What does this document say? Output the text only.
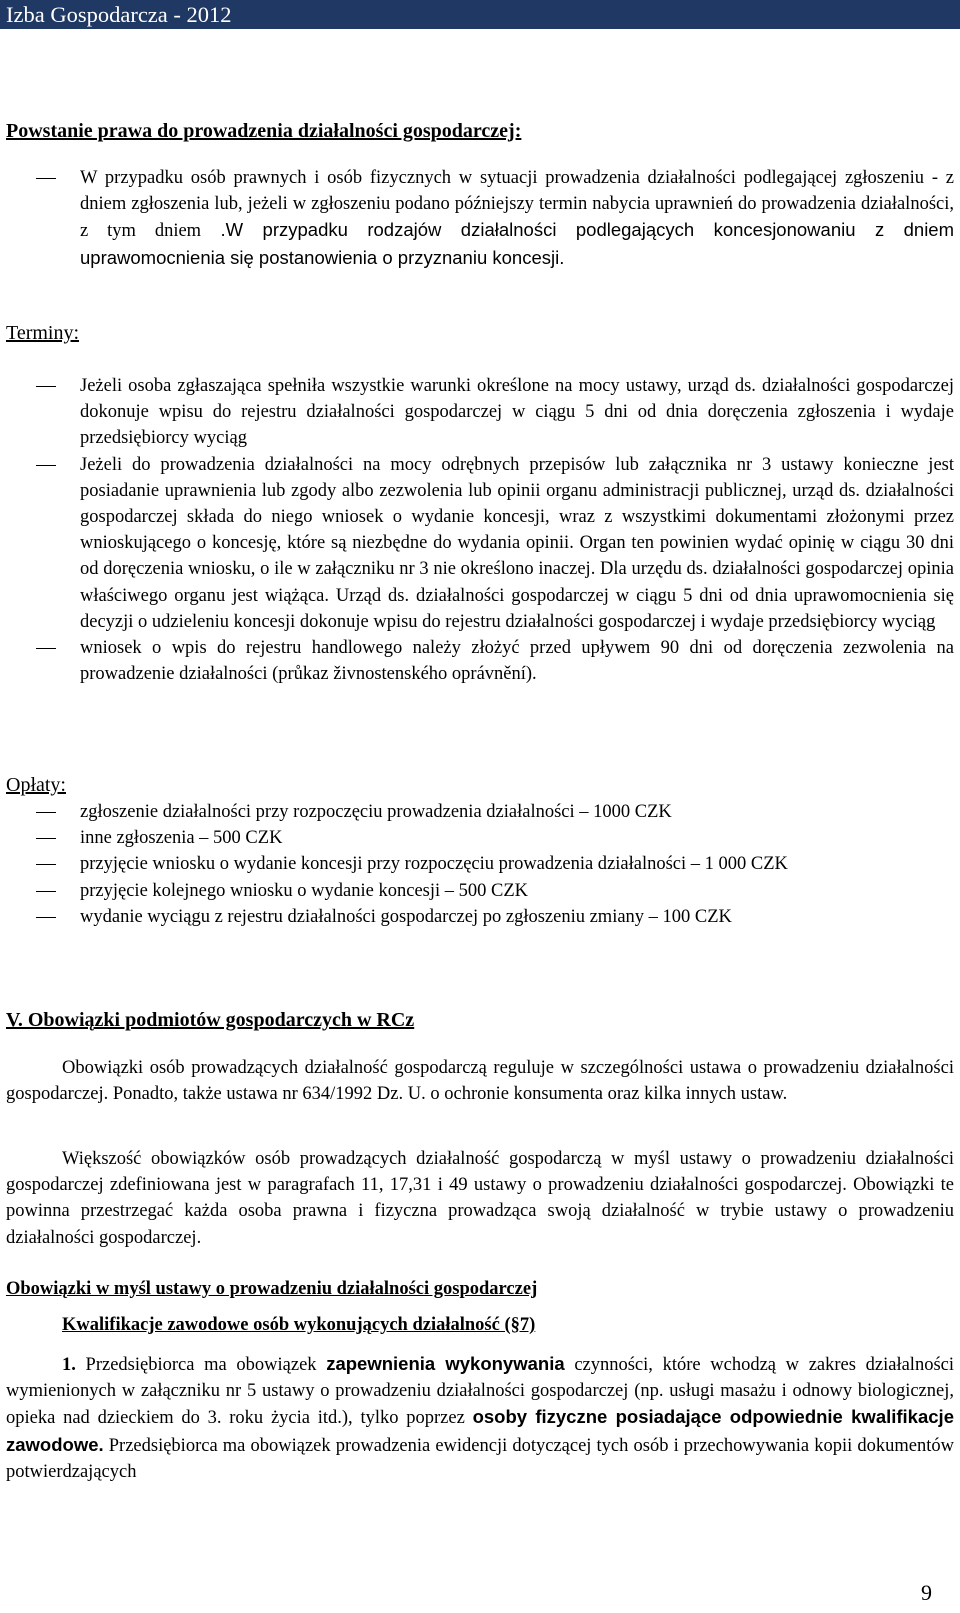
Izba Gospodarcza - 2012
Powstanie prawa do prowadzenia działalności gospodarczej:
W przypadku osób prawnych i osób fizycznych w sytuacji prowadzenia działalności podlegającej zgłoszeniu - z dniem zgłoszenia lub, jeżeli w zgłoszeniu podano późniejszy termin nabycia uprawnień do prowadzenia działalności, z tym dniem .W przypadku rodzajów działalności podlegających koncesjonowaniu z dniem uprawomocnienia się postanowienia o przyznaniu koncesji.
Terminy:
Jeżeli osoba zgłaszająca spełniła wszystkie warunki określone na mocy ustawy, urząd ds. działalności gospodarczej dokonuje wpisu do rejestru działalności gospodarczej w ciągu 5 dni od dnia doręczenia zgłoszenia i wydaje przedsiębiorcy wyciąg
Jeżeli do prowadzenia działalności na mocy odrębnych przepisów lub załącznika nr 3 ustawy konieczne jest posiadanie uprawnienia lub zgody albo zezwolenia lub opinii organu administracji publicznej, urząd ds. działalności gospodarczej składa do niego wniosek o wydanie koncesji, wraz z wszystkimi dokumentami złożonymi przez wnioskującego o koncesję, które są niezbędne do wydania opinii. Organ ten powinien wydać opinię w ciągu 30 dni od doręczenia wniosku, o ile w załączniku nr 3 nie określono inaczej. Dla urzędu ds. działalności gospodarczej opinia właściwego organu jest wiążąca. Urząd ds. działalności gospodarczej w ciągu 5 dni od dnia uprawomocnienia się decyzji o udzieleniu koncesji dokonuje wpisu do rejestru działalności gospodarczej i wydaje przedsiębiorcy wyciąg
wniosek o wpis do rejestru handlowego należy złożyć przed upływem 90 dni od doręczenia zezwolenia na prowadzenie działalności (průkaz živnostenského oprávnění).
Opłaty:
zgłoszenie działalności przy rozpoczęciu prowadzenia działalności – 1000 CZK
inne zgłoszenia – 500 CZK
przyjęcie wniosku o wydanie koncesji przy rozpoczęciu prowadzenia działalności – 1 000 CZK
przyjęcie kolejnego wniosku o wydanie koncesji – 500 CZK
wydanie wyciągu z rejestru działalności gospodarczej po zgłoszeniu zmiany – 100 CZK
V. Obowiązki podmiotów gospodarczych w RCz
Obowiązki osób prowadzących działalność gospodarczą reguluje w szczególności ustawa o prowadzeniu działalności gospodarczej. Ponadto, także ustawa nr 634/1992 Dz. U. o ochronie konsumenta oraz kilka innych ustaw.
Większość obowiązków osób prowadzących działalność gospodarczą w myśl ustawy o prowadzeniu działalności gospodarczej zdefiniowana jest w paragrafach 11, 17,31 i 49 ustawy o prowadzeniu działalności gospodarczej. Obowiązki te powinna przestrzegać każda osoba prawna i fizyczna prowadząca swoją działalność w trybie ustawy o prowadzeniu działalności gospodarczej.
Obowiązki w myśl ustawy o prowadzeniu działalności gospodarczej
Kwalifikacje zawodowe osób wykonujących działalność (§7)
1. Przedsiębiorca ma obowiązek zapewnienia wykonywania czynności, które wchodzą w zakres działalności wymienionych w załączniku nr 5 ustawy o prowadzeniu działalności gospodarczej (np. usługi masażu i odnowy biologicznej, opieka nad dzieckiem do 3. roku życia itd.), tylko poprzez osoby fizyczne posiadające odpowiednie kwalifikacje zawodowe. Przedsiębiorca ma obowiązek prowadzenia ewidencji dotyczącej tych osób i przechowywania kopii dokumentów potwierdzających
9
